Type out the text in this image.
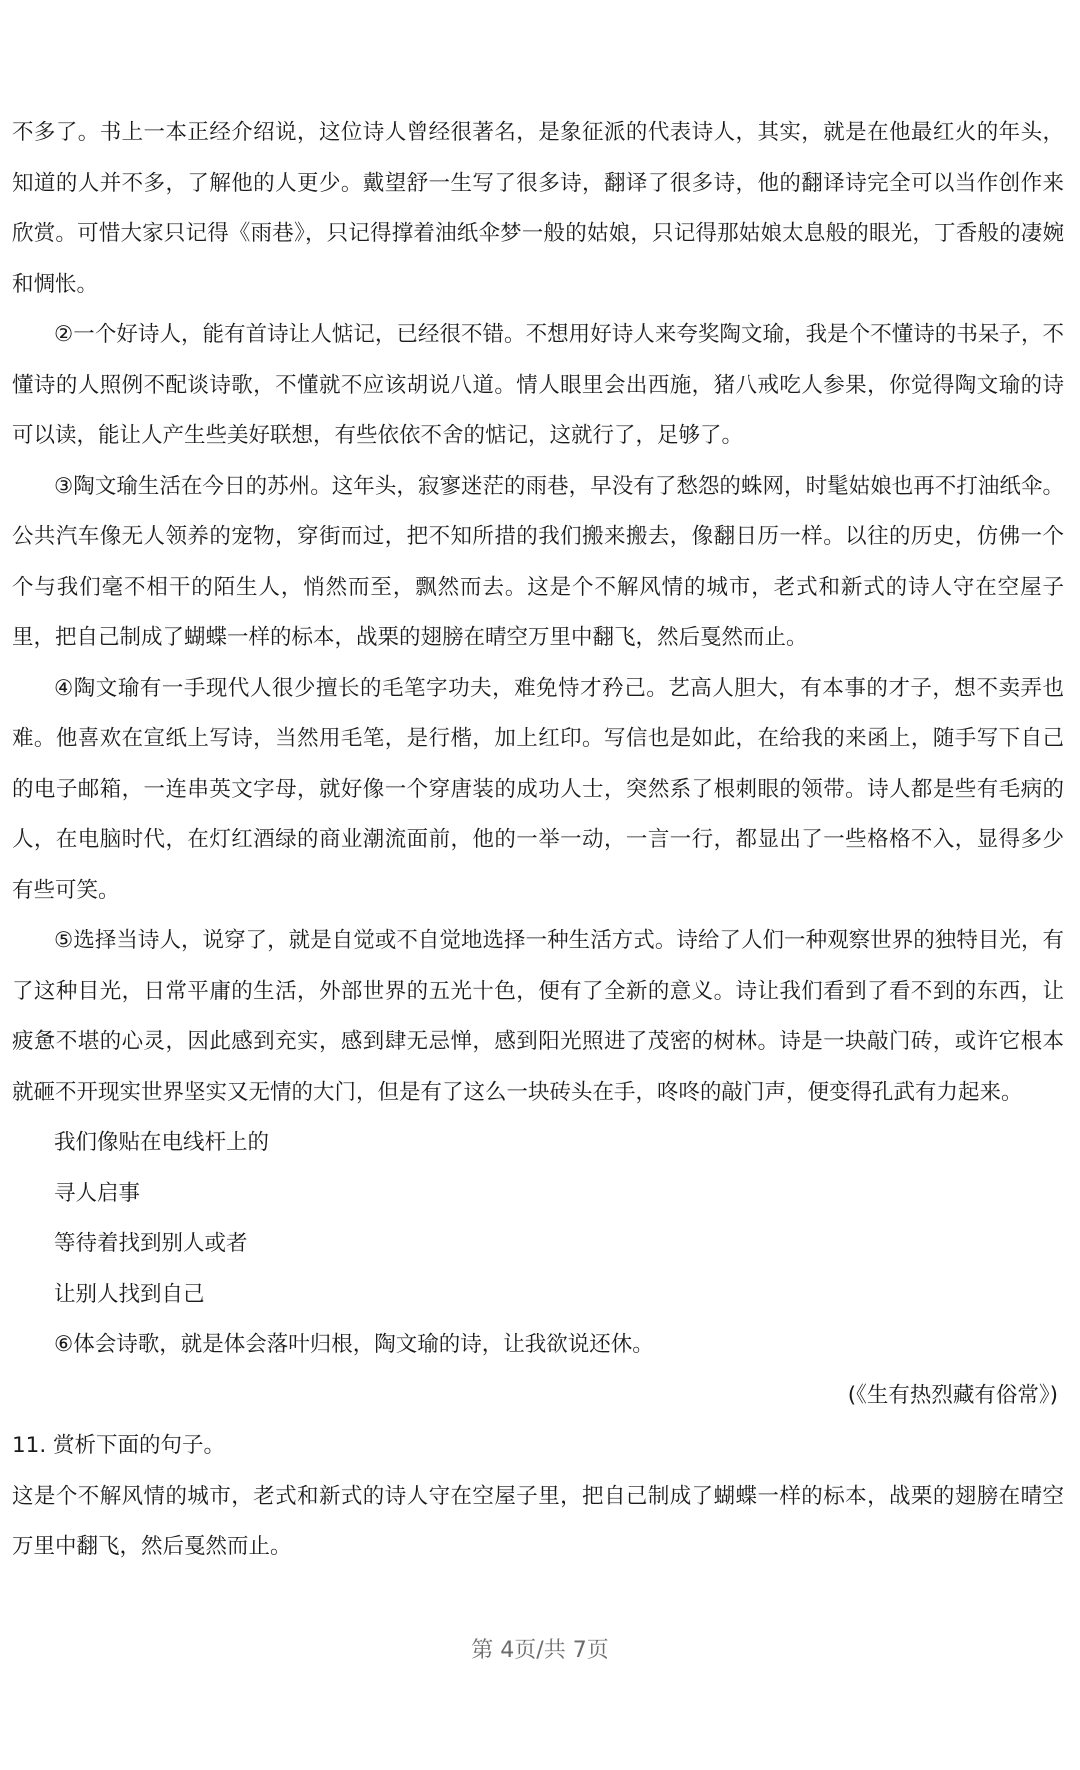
不多了。书上一本正经介绍说，这位诗人曾经很著名，是象征派的代表诗人，其实，就是在他最红火的年头，知道的人并不多，了解他的人更少。戴望舒一生写了很多诗，翻译了很多诗，他的翻译诗完全可以当作创作来欣赏。可惜大家只记得《雨巷》，只记得撑着油纸伞梦一般的姑娘，只记得那姑娘太息般的眼光，丁香般的凄婉和惆怅。

②一个好诗人，能有首诗让人惦记，已经很不错。不想用好诗人来夸奖陶文瑜，我是个不懂诗的书呆子，不懂诗的人照例不配谈诗歌，不懂就不应该胡说八道。情人眼里会出西施，猪八戒吃人参果，你觉得陶文瑜的诗可以读，能让人产生些美好联想，有些依依不舍的惦记，这就行了，足够了。

③陶文瑜生活在今日的苏州。这年头，寂寥迷茫的雨巷，早没有了愁怨的蛛网，时髦姑娘也再不打油纸伞。公共汽车像无人领养的宠物，穿街而过，把不知所措的我们搬来搬去，像翻日历一样。以往的历史，仿佛一个个与我们毫不相干的陌生人，悄然而至，飘然而去。这是个不解风情的城市，老式和新式的诗人守在空屋子里，把自己制成了蝴蝶一样的标本，战栗的翅膀在晴空万里中翻飞，然后戛然而止。

④陶文瑜有一手现代人很少擅长的毛笔字功夫，难免恃才矜己。艺高人胆大，有本事的才子，想不卖弄也难。他喜欢在宣纸上写诗，当然用毛笔，是行楷，加上红印。写信也是如此，在给我的来函上，随手写下自己的电子邮箱，一连串英文字母，就好像一个穿唐装的成功人士，突然系了根刺眼的领带。诗人都是些有毛病的人，在电脑时代，在灯红酒绿的商业潮流面前，他的一举一动，一言一行，都显出了一些格格不入，显得多少有些可笑。

⑤选择当诗人，说穿了，就是自觉或不自觉地选择一种生活方式。诗给了人们一种观察世界的独特目光，有了这种目光，日常平庸的生活，外部世界的五光十色，便有了全新的意义。诗让我们看到了看不到的东西，让疲惫不堪的心灵，因此感到充实，感到肆无忌惮，感到阳光照进了茂密的树林。诗是一块敲门砖，或许它根本就砸不开现实世界坚实又无情的大门，但是有了这么一块砖头在手，咚咚的敲门声，便变得孔武有力起来。

我们像贴在电线杆上的

寻人启事

等待着找到别人或者

让别人找到自己

⑥体会诗歌，就是体会落叶归根，陶文瑜的诗，让我欲说还休。

(《生有热烈藏有俗常》)

11. 赏析下面的句子。

这是个不解风情的城市，老式和新式的诗人守在空屋子里，把自己制成了蝴蝶一样的标本，战栗的翅膀在晴空万里中翻飞，然后戛然而止。

第 4页/共 7页
